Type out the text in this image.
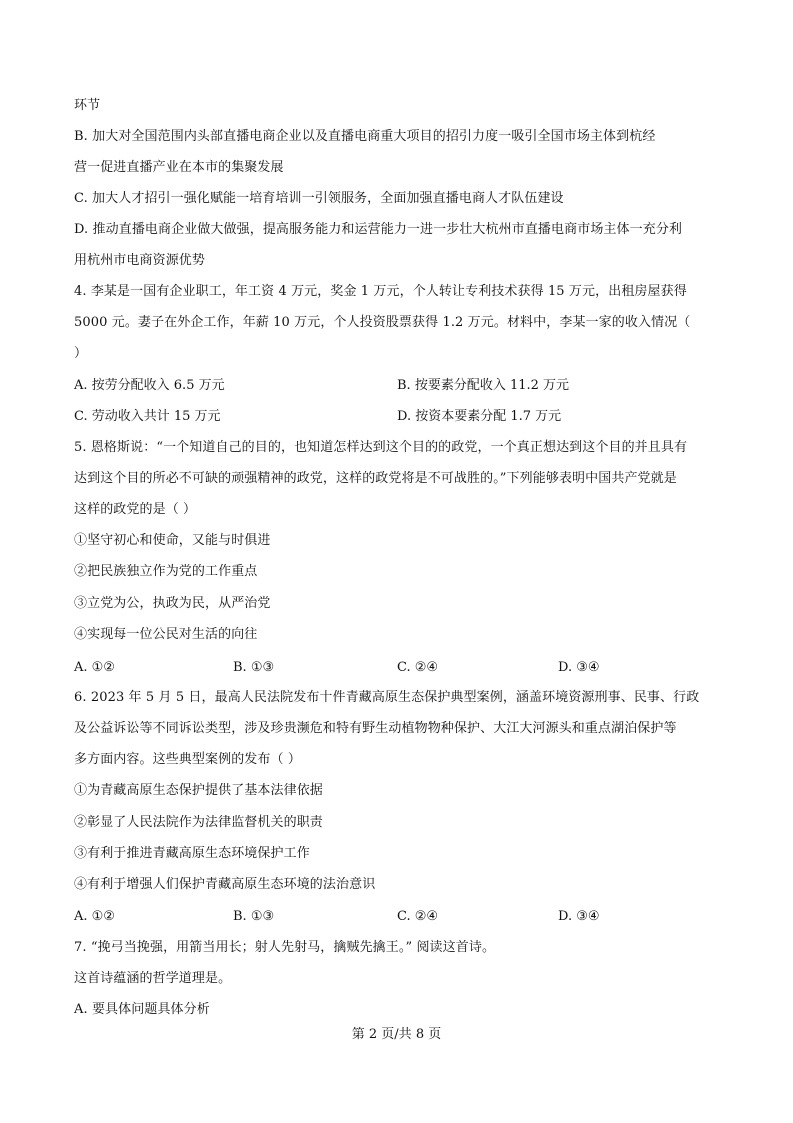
环节
B. 加大对全国范围内头部直播电商企业以及直播电商重大项目的招引力度一吸引全国市场主体到杭经
营一促进直播产业在本市的集聚发展
C. 加大人才招引一强化赋能一培育培训一引领服务，全面加强直播电商人才队伍建设
D. 推动直播电商企业做大做强，提高服务能力和运营能力一进一步壮大杭州市直播电商市场主体一充分利
用杭州市电商资源优势
4. 李某是一国有企业职工，年工资 4 万元，奖金 1 万元，个人转让专利技术获得 15 万元，出租房屋获得
5000 元。妻子在外企工作，年薪 10 万元，个人投资股票获得 1.2 万元。材料中，李某一家的收入情况（
）
A. 按劳分配收入 6.5 万元	B. 按要素分配收入 11.2 万元
C. 劳动收入共计 15 万元	D. 按资本要素分配 1.7 万元
5. 恩格斯说：“一个知道自己的目的，也知道怎样达到这个目的的政党，一个真正想达到这个目的并且具有
达到这个目的所必不可缺的顽强精神的政党，这样的政党将是不可战胜的。”下列能够表明中国共产党就是
这样的政党的是（ ）
①坚守初心和使命，又能与时俱进
②把民族独立作为党的工作重点
③立党为公，执政为民，从严治党
④实现每一位公民对生活的向往
A. ①②	B. ①③	C. ②④	D. ③④
6. 2023 年 5 月 5 日，最高人民法院发布十件青藏高原生态保护典型案例，涵盖环境资源刑事、民事、行政
及公益诉讼等不同诉讼类型，涉及珍贵濒危和特有野生动植物物种保护、大江大河源头和重点湖泊保护等
多方面内容。这些典型案例的发布（ ）
①为青藏高原生态保护提供了基本法律依据
②彰显了人民法院作为法律监督机关的职责
③有利于推进青藏高原生态环境保护工作
④有利于增强人们保护青藏高原生态环境的法治意识
A. ①②	B. ①③	C. ②④	D. ③④
7. “挽弓当挽强，用箭当用长；射人先射马，擒贼先擒王。” 阅读这首诗。
这首诗蕴涵的哲学道理是。
A. 要具体问题具体分析
第 2 页/共 8 页
